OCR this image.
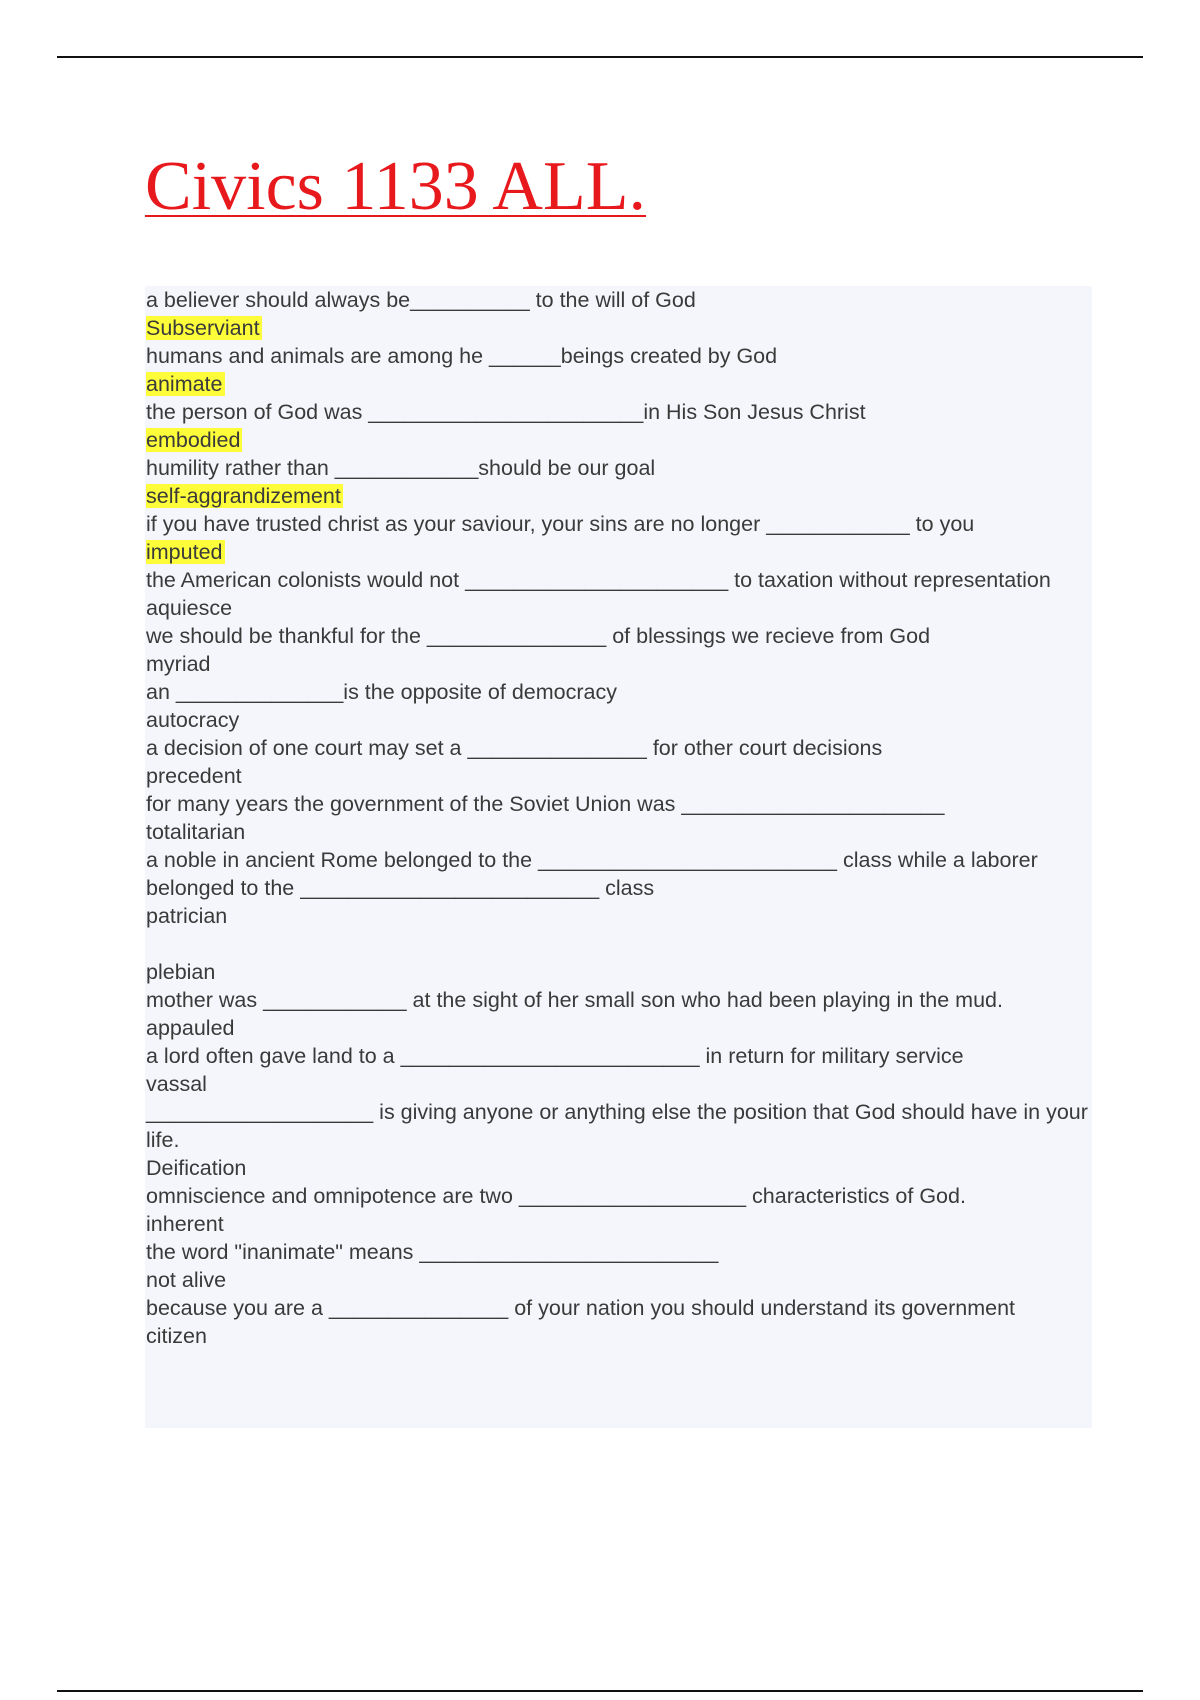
Civics 1133 ALL.
a believer should always be__________ to the will of God
Subserviant
humans and animals are among he ______beings created by God
animate
the person of God was _______________________in His Son Jesus Christ
embodied
humility rather than ____________should be our goal
self-aggrandizement
if you have trusted christ as your saviour, your sins are no longer ____________ to you
imputed
the American colonists would not ______________________ to taxation without representation
aquiesce
we should be thankful for the _______________ of blessings we recieve from God
myriad
an ______________is the opposite of democracy
autocracy
a decision of one court may set a _______________ for other court decisions
precedent
for many years the government of the Soviet Union was ______________________
totalitarian
a noble in ancient Rome belonged to the _________________________ class while a laborer belonged to the _________________________ class
patrician
plebian
mother was ____________ at the sight of her small son who had been playing in the mud.
appauled
a lord often gave land to a _________________________ in return for military service
vassal
___________________ is giving anyone or anything else the position that God should have in your life.
Deification
omniscience and omnipotence are two ___________________ characteristics of God.
inherent
the word "inanimate" means _________________________
not alive
because you are a _______________ of your nation you should understand its government
citizen
